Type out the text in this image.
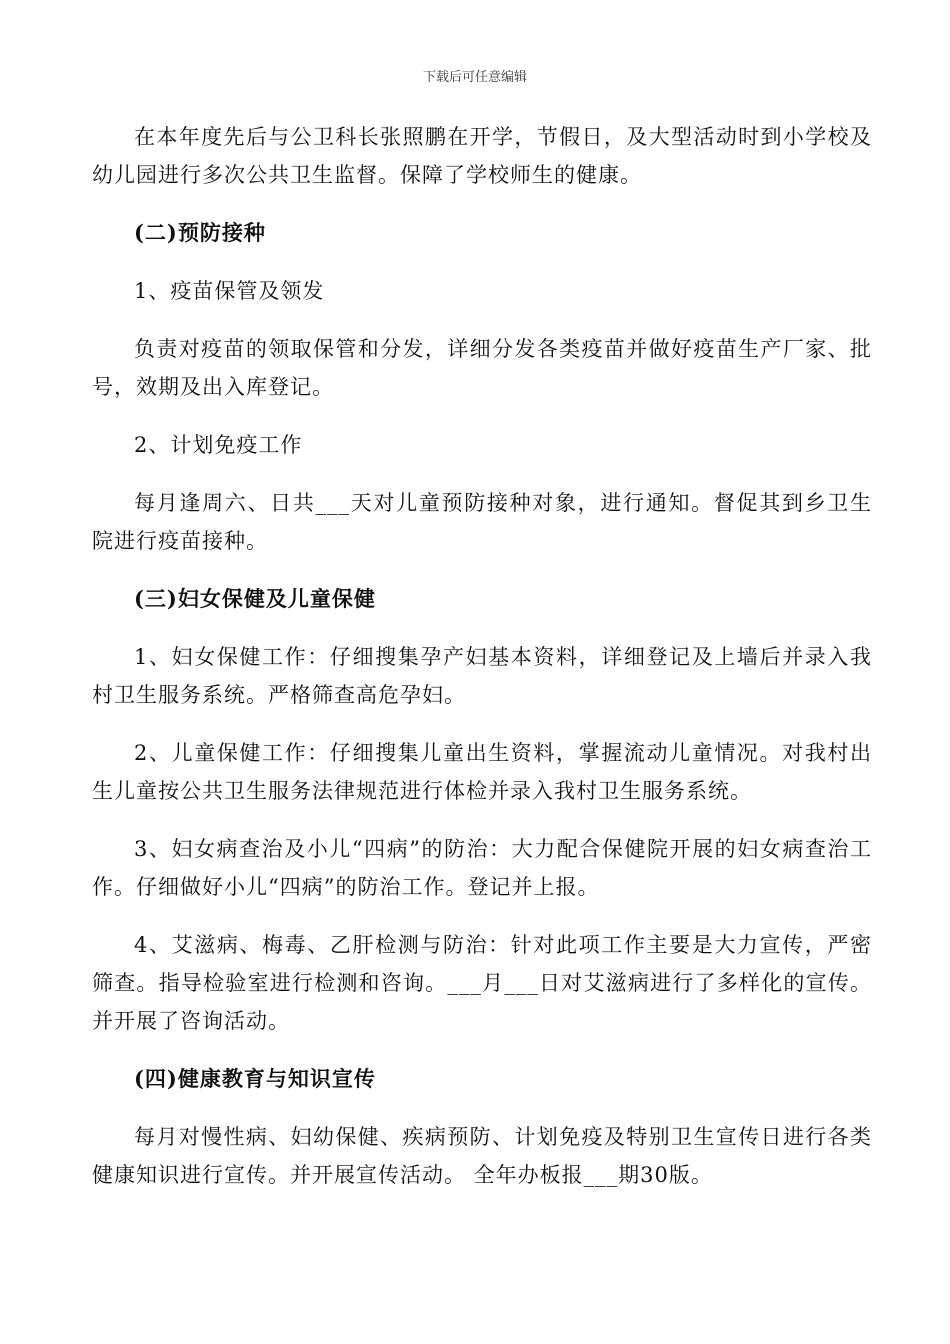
下载后可任意编辑

在本年度先后与公卫科长张照鹏在开学，节假日，及大型活动时到小学校及幼儿园进行多次公共卫生监督。保障了学校师生的健康。

(二)预防接种

1、疫苗保管及领发

负责对疫苗的领取保管和分发，详细分发各类疫苗并做好疫苗生产厂家、批号，效期及出入库登记。

2、计划免疫工作

每月逢周六、日共___天对儿童预防接种对象，进行通知。督促其到乡卫生院进行疫苗接种。

(三)妇女保健及儿童保健

1、妇女保健工作：仔细搜集孕产妇基本资料，详细登记及上墙后并录入我村卫生服务系统。严格筛查高危孕妇。

2、儿童保健工作：仔细搜集儿童出生资料，掌握流动儿童情况。对我村出生儿童按公共卫生服务法律规范进行体检并录入我村卫生服务系统。

3、妇女病查治及小儿“四病”的防治：大力配合保健院开展的妇女病查治工作。仔细做好小儿“四病”的防治工作。登记并上报。

4、艾滋病、梅毒、乙肝检测与防治：针对此项工作主要是大力宣传，严密筛查。指导检验室进行检测和咨询。___月___日对艾滋病进行了多样化的宣传。并开展了咨询活动。

(四)健康教育与知识宣传

每月对慢性病、妇幼保健、疾病预防、计划免疫及特别卫生宣传日进行各类健康知识进行宣传。并开展宣传活动。 全年办板报___期30版。
